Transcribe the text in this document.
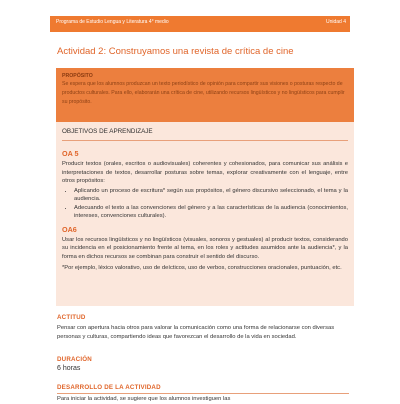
Programa de Estudio Lengua y Literatura 4° medio	Unidad 4
Actividad 2: Construyamos una revista de crítica de cine
PROPÓSITO
Se espera que los alumnos produzcan un texto periodístico de opinión para compartir sus visiones o posturas respecto de productos culturales. Para ello, elaborarán una crítica de cine, utilizando recursos lingüísticos y no lingüísticos para cumplir su propósito.
OBJETIVOS DE APRENDIZAJE
OA 5
Producir textos (orales, escritos o audiovisuales) coherentes y cohesionados, para comunicar sus análisis e interpretaciones de textos, desarrollar posturas sobre temas, explorar creativamente con el lenguaje, entre otros propósitos:
• Aplicando un proceso de escritura* según sus propósitos, el género discursivo seleccionado, el tema y la audiencia.
• Adecuando el texto a las convenciones del género y a las características de la audiencia (conocimientos, intereses, convenciones culturales).
OA6
Usar los recursos lingüísticos y no lingüísticos (visuales, sonoros y gestuales) al producir textos, considerando su incidencia en el posicionamiento frente al tema, en los roles y actitudes asumidos ante la audiencia*, y la forma en dichos recursos se combinan para construir el sentido del discurso.
*Por ejemplo, léxico valorativo, uso de deícticos, uso de verbos, construcciones oracionales, puntuación, etc.
ACTITUD
Pensar con apertura hacia otros para valorar la comunicación como una forma de relacionarse con diversas personas y culturas, compartiendo ideas que favorezcan el desarrollo de la vida en sociedad.
DURACIÓN
6 horas
DESARROLLO DE LA ACTIVIDAD
Para iniciar la actividad, se sugiere que los alumnos investiguen las
